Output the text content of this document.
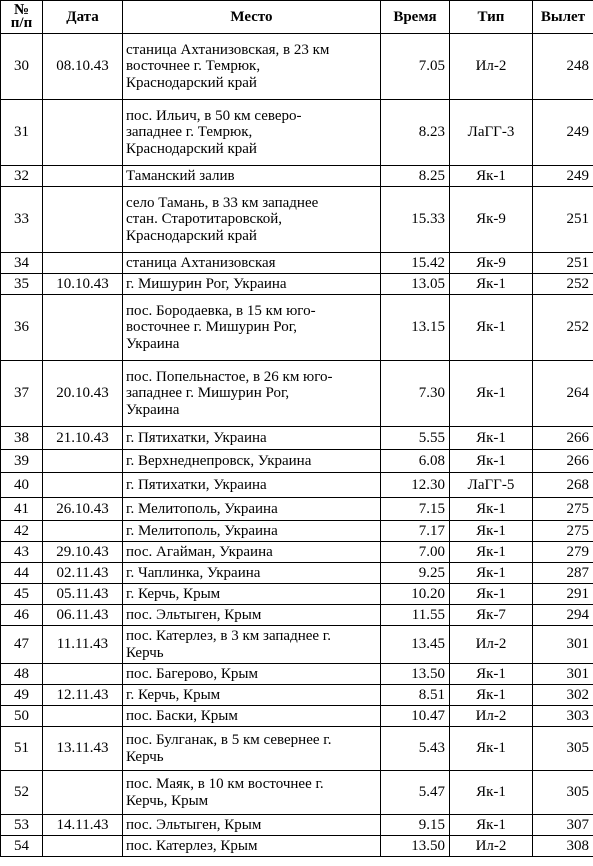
№
п/п	Дата	Место	Время	Тип	Вылет
30	08.10.43	станица Ахтанизовская, в 23 км
восточнее г. Темрюк,
Краснодарский край	7.05	Ил-2	248
31		пос. Ильич, в 50 км северо-
западнее г. Темрюк,
Краснодарский край	8.23	ЛаГГ-3	249
32		Таманский залив	8.25	Як-1	249
33		село Тамань, в 33 км западнее
стан. Старотитаровской,
Краснодарский край	15.33	Як-9	251
34		станица Ахтанизовская	15.42	Як-9	251
35	10.10.43	г. Мишурин Рог, Украина	13.05	Як-1	252
36		пос. Бородаевка, в 15 км юго-
восточнее г. Мишурин Рог,
Украина	13.15	Як-1	252
37	20.10.43	пос. Попельнастое, в 26 км юго-
западнее г. Мишурин Рог,
Украина	7.30	Як-1	264
38	21.10.43	г. Пятихатки, Украина	5.55	Як-1	266
39		г. Верхнеднепровск, Украина	6.08	Як-1	266
40		г. Пятихатки, Украина	12.30	ЛаГГ-5	268
41	26.10.43	г. Мелитополь, Украина	7.15	Як-1	275
42		г. Мелитополь, Украина	7.17	Як-1	275
43	29.10.43	пос. Агайман, Украина	7.00	Як-1	279
44	02.11.43	г. Чаплинка, Украина	9.25	Як-1	287
45	05.11.43	г. Керчь, Крым	10.20	Як-1	291
46	06.11.43	пос. Эльтыген, Крым	11.55	Як-7	294
47	11.11.43	пос. Катерлез, в 3 км западнее г.
Керчь	13.45	Ил-2	301
48		пос. Багерово, Крым	13.50	Як-1	301
49	12.11.43	г. Керчь, Крым	8.51	Як-1	302
50		пос. Баски, Крым	10.47	Ил-2	303
51	13.11.43	пос. Булганак, в 5 км севернее г.
Керчь	5.43	Як-1	305
52		пос. Маяк, в 10 км восточнее г.
Керчь, Крым	5.47	Як-1	305
53	14.11.43	пос. Эльтыген, Крым	9.15	Як-1	307
54		пос. Катерлез, Крым	13.50	Ил-2	308
